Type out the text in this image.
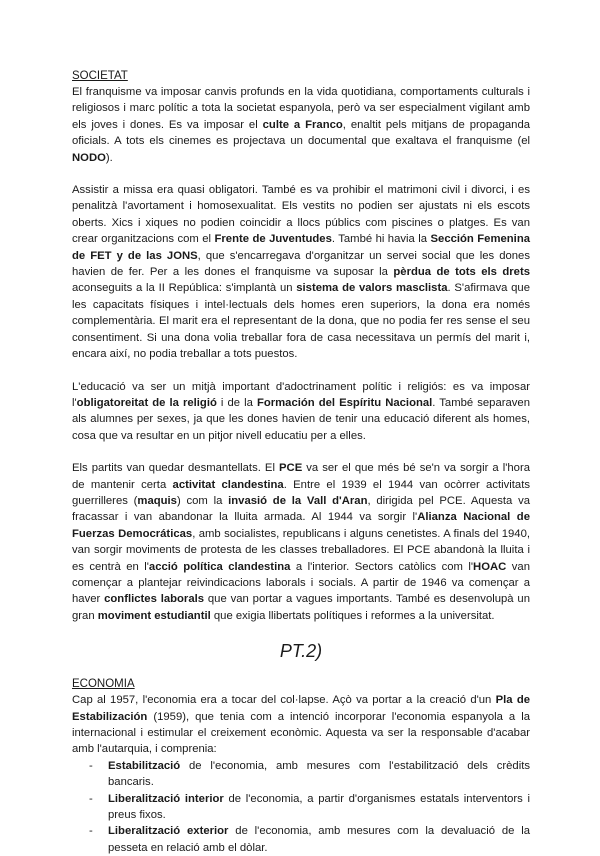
SOCIETAT

El franquisme va imposar canvis profunds en la vida quotidiana, comportaments culturals i religiosos i marc polític a tota la societat espanyola, però va ser especialment vigilant amb els joves i dones. Es va imposar el culte a Franco, enaltit pels mitjans de propaganda oficials. A tots els cinemes es projectava un documental que exaltava el franquisme (el NODO).

Assistir a missa era quasi obligatori. També es va prohibir el matrimoni civil i divorci, i es penalitzà l'avortament i homosexualitat. Els vestits no podien ser ajustats ni els escots oberts. Xics i xiques no podien coincidir a llocs públics com piscines o platges. Es van crear organitzacions com el Frente de Juventudes. També hi havia la Sección Femenina de FET y de las JONS, que s'encarregava d'organitzar un servei social que les dones havien de fer. Per a les dones el franquisme va suposar la pèrdua de tots els drets aconseguits a la II República: s'implantà un sistema de valors masclista. S'afirmava que les capacitats físiques i intel·lectuals dels homes eren superiors, la dona era només complementària. El marit era el representant de la dona, que no podia fer res sense el seu consentiment. Si una dona volia treballar fora de casa necessitava un permís del marit i, encara així, no podia treballar a tots puestos.

L'educació va ser un mitjà important d'adoctrinament polític i religiós: es va imposar l'obligatoreitat de la religió i de la Formación del Espíritu Nacional. També separaven als alumnes per sexes, ja que les dones havien de tenir una educació diferent als homes, cosa que va resultar en un pitjor nivell educatiu per a elles.

Els partits van quedar desmantellats. El PCE va ser el que més bé se'n va sorgir a l'hora de mantenir certa activitat clandestina. Entre el 1939 el 1944 van ocòrrer activitats guerrilleres (maquis) com la invasió de la Vall d'Aran, dirigida pel PCE. Aquesta va fracassar i van abandonar la lluita armada. Al 1944 va sorgir l'Alianza Nacional de Fuerzas Democráticas, amb socialistes, republicans i alguns cenetistes. A finals del 1940, van sorgir moviments de protesta de les classes treballadores. El PCE abandonà la lluita i es centrà en l'acció política clandestina a l'interior. Sectors catòlics com l'HOAC van començar a plantejar reivindicacions laborals i socials. A partir de 1946 va començar a haver conflictes laborals que van portar a vagues importants. També es desenvolupà un gran moviment estudiantil que exigia llibertats polítiques i reformes a la universitat.

PT.2)
ECONOMIA

Cap al 1957, l'economia era a tocar del col·lapse. Açò va portar a la creació d'un Pla de Estabilización (1959), que tenia com a intenció incorporar l'economia espanyola a la internacional i estimular el creixement econòmic. Aquesta va ser la responsable d'acabar amb l'autarquia, i comprenia:

- Estabilització de l'economia, amb mesures com l'estabilització dels crèdits bancaris.
- Liberalització interior de l'economia, a partir d'organismes estatals interventors i preus fixos.
- Liberalització exterior de l'economia, amb mesures com la devaluació de la pesseta en relació amb el dòlar.
